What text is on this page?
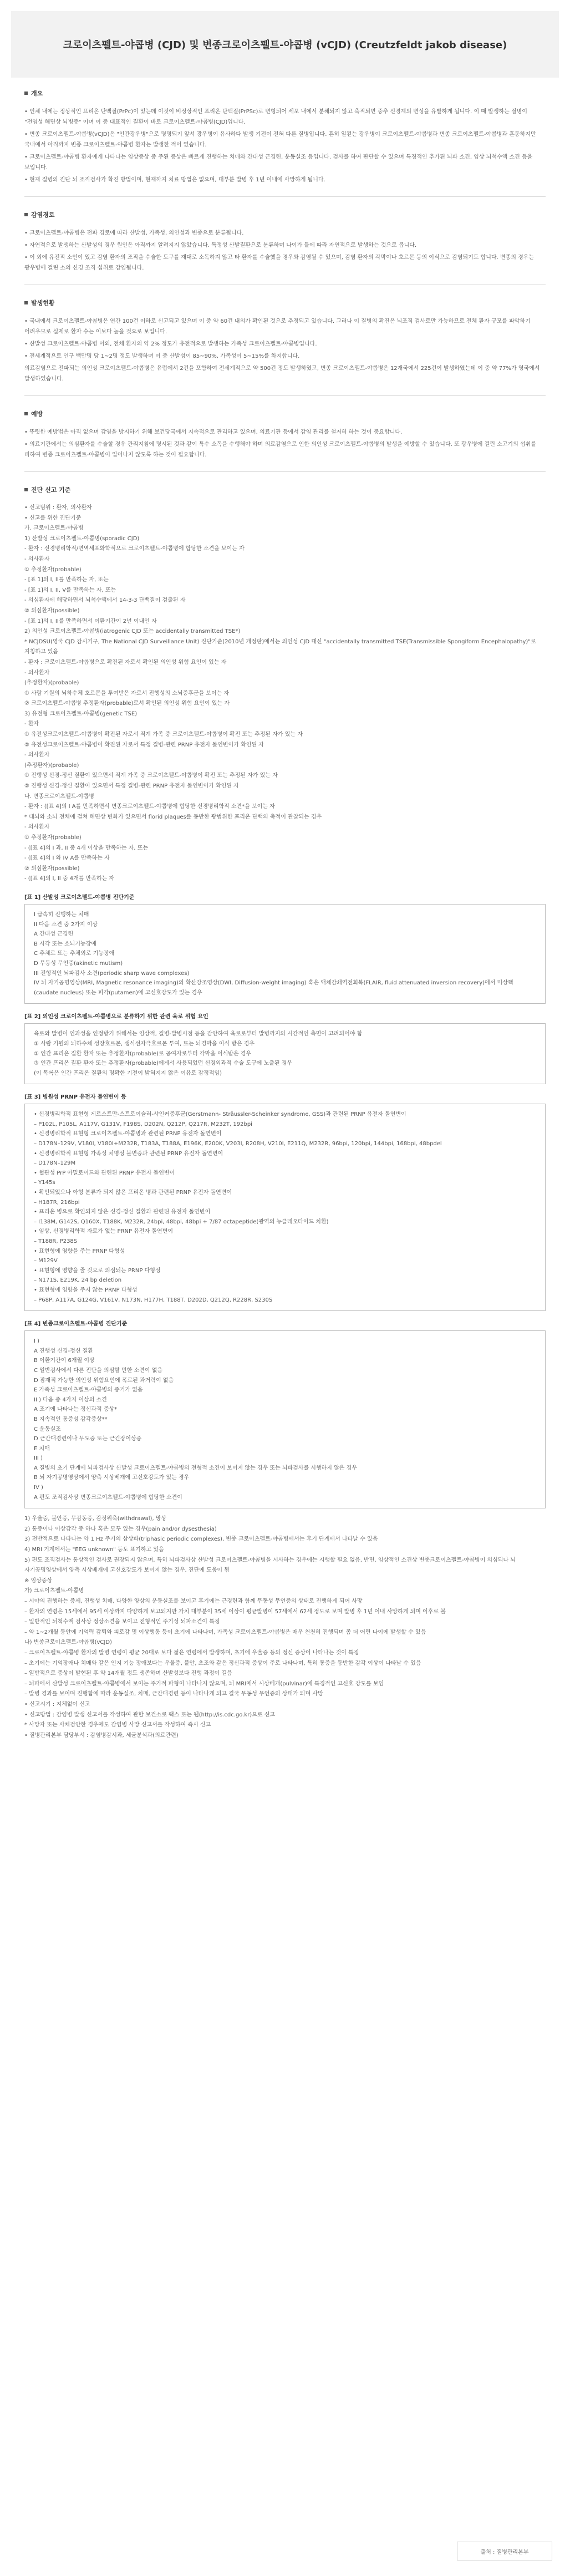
크로이츠펠트-야콥병 (CJD) 및 변종크로이츠펠트-야콥병 (vCJD) (Creutzfeldt jakob disease)
개요

• 인체 내에는 정상적인 프리온 단백질(PrPc)이 있는데 이것이 비정상적인 프리온 단백질(PrPSc)로 변형되어 세포 내에서 분해되지 않고 축적되면 중추 신경계의 변성을 유발하게 됩니다. 이 때 발생하는 질병이 "전염성 해면상 뇌병증" 이며 이 중 대표적인 질환이 바로 크로이츠펠트-야콥병(CJD)입니다.

• 변종 크로이츠펠트-야콥병(vCJD)은 "인간광우병"으로 명명되기 앞서 광우병이 유사하다 발생 기전이 전혀 다른 질병입니다. 흔히 일컫는 광우병이 크로이츠펠트-야콥병과 변종 크로이츠펠트-야콥병과 혼동하지만 국내에서 아직까지 변종 크로이츠펠트-야콥병 환자는 발생한 적이 없습니다.

• 크로이츠펠트-야콥병 환자에게 나타나는 임상증상 중 주된 증상은 빠르게 진행하는 치매와 간대성 근경련, 운동실조 등입니다. 검사를 하여 판단할 수 있으며 특징적인 추가된 뇌파 소견, 임상 뇌척수액 소견 등을 보입니다.

• 현재 질병의 진단 뇌 조직검사가 확진 방법이며, 현재까지 치료 방법은 없으며, 대부분 발병 후 1년 이내에 사망하게 됩니다.

감염경로

• 크로이츠펠트-야콥병은 전파 경로에 따라 산발성, 가족성, 의인성과 변종으로 분류됩니다.

• 자연적으로 발생하는 산발성의 경우 원인은 아직까지 알려지지 않았습니다. 특정성 산발질환으로 분류하며 나이가 들에 따라 자연적으로 발생하는 것으로 봅니다.

• 이 외에 유전적 소인이 있고 감염 환자의 조직을 수술한 도구를 재대로 소독하지 않고 타 환자를 수술했을 경우와 감염될 수 있으며, 감염 환자의 각막이나 호르몬 등의 이식으로 감염되기도 합니다. 변종의 경우는 광우병에 걸린 소의 신경 조직 섭취로 감염됩니다.

발생현황

• 국내에서 크로이츠펠트-야콥병은 연간 100건 이하로 신고되고 있으며 이 중 약 60건 내외가 확인된 것으로 추정되고 있습니다. 그러나 이 질병의 확진은 뇌조직 검사로만 가능하므로 전체 환자 규모를 파악하기 어려우므로 실제로 환자 수는 이보다 높을 것으로 보입니다.

• 산발성 크로이츠펠트-야콥병 이외, 전체 환자의 약 2% 정도가 유전적으로 발생하는 가족성 크로이츠펠트-야콥병입니다.

• 전세계적으로 인구 백만명 당 1~2명 정도 발생하며 이 중 산발성이 85~90%, 가족성이 5~15%를 차지합니다.

의료감염으로 전파되는 의인성 크로이츠펠트-야콥병은 유럽에서 2건을 포함하여 전세계적으로 약 500건 정도 발생하였고, 변종 크로이츠펠트-야콥병은 12개국에서 225건이 발생하였는데 이 중 약 77%가 영국에서 발생하였습니다.

예방

• 뚜렷한 예방법은 아직 없으며 감염을 방지하기 위해 보건당국에서 지속적으로 관리하고 있으며, 의료기관 등에서 감염 관리를 철저히 하는 것이 중요합니다.

• 의료기관에서는 의심환자를 수술할 경우 관리지침에 명시된 것과 같이 특수 소독을 수행해야 하며 의료감염으로 인한 의인성 크로이츠펠트-야콥병의 발생을 예방할 수 있습니다. 또 광우병에 걸린 소고기의 섭취를 피하여 변종 크로이츠펠트-야콥병이 일어나지 않도록 하는 것이 필요합니다.

진단 신고 기준

• 신고범위 : 환자, 의사환자

• 신고를 위한 진단기준

가. 크로이츠펠트-야콥병

1) 산발성 크로이츠펠트-야콥병(sporadic CJD)

- 환자 : 신경병리학적/면역세포화학적으로 크로이츠펠트-야콥병에 합당한 소견을 보이는 자

- 의사환자

① 추정환자(probable)

- [표 1]의 I, II를 만족하는 자, 또는

- [표 1]의 I, II, V를 만족하는 자, 또는

- 의심환자에 해당하면서 뇌척수액에서 14-3-3 단백질이 검출된 자

② 의심환자(possible)

- [표 1]의 I, II를 만족하면서 이환기간이 2년 이내인 자

2) 의인성 크로이츠펠트-야콥병(iatrogenic CJD 또는 accidentally transmitted TSE*)

* NCJDSU(영국 CJD 감시기구, The National CJD Surveillance Unit) 진단기준(2010년 개정판)에서는 의인성 CJD 대신 "accidentally transmitted TSE(Transmissible Spongiform Encephalopathy)"로 지칭하고 있음

- 환자 : 크로이츠펠트-야콥병으로 확진된 자로서 확인된 의인성 위험 요인이 있는 자

- 의사환자

(추정환자)(probable)

① 사람 기원의 뇌하수체 호르몬을 투여받은 자로서 진행성의 소뇌증후군을 보이는 자

② 크로이츠펠트-야콥병 추정환자(probable)로서 확인된 의인성 위험 요인이 있는 자

3) 유전형 크로이츠펠트-야콥병(genetic TSE)

- 환자

① 유전성크로이츠펠트-야콥병이 확진된 자로서 직계 가족 중 크로이츠펠트-야콥병이 확진 또는 추정된 자가 있는 자

② 유전성크로이츠펠트-야콥병이 확진된 자로서 특정 질병-관련 PRNP 유전자 돌연변이가 확인된 자

- 의사환자

(추정환자)(probable)

① 진행성 신경-정신 질환이 있으면서 직계 가족 중 크로이츠펠트-야콥병이 확진 또는 추정된 자가 있는 자

② 진행성 신경-정신 질환이 있으면서 특정 질병-관련 PRNP 유전자 돌연변이가 확인된 자

나. 변종크로이츠펠트-야콥병

- 환자 : ([표 4]의 I A를 만족하면서 변종크로이츠펠트-야콥병에 합당한 신경병리학적 소견*을 보이는 자

* 대뇌와 소뇌 전체에 걸쳐 해면상 변화가 있으면서 florid plaques를 동반한 광범위한 프리온 단백의 축적이 관찰되는 경우

- 의사환자

① 추정환자(probable)

- ([표 4]의 I 과, II 중 4개 이상을 만족하는 자, 또는

- ([표 4]의 I 와 IV A를 만족하는 자

② 의심환자(possible)

- ([표 4]의 I, II 중 4개를 만족하는 자

[표 1] 산발성 크로이츠펠트-야콥병 진단기준

I 급속히 진행하는 치매

II 다음 소견 중 2가지 이상

A 간대성 근경련

B 시각 또는 소뇌기능장애

C 추체로 또는 추체외로 기능장애

D 무동성 무언증(akinetic mutism)

III 전형적인 뇌파검사 소견(periodic sharp wave complexes)

IV 뇌 자기공명영상(MRI, Magnetic resonance imaging)의 확산강조영상(DWI, Diffusion-weight imaging) 혹은 액체감쇄역전회복(FLAIR, fluid attenuated inversion recovery)에서 미상핵(caudate nucleus) 또는 피각(putamen)에 고신호강도가 있는 경우

[표 2] 의인성 크로이츠펠트-야콥병으로 분류하기 위한 관련 육로 위험 요인

육로와 발병이 인과성을 인정받기 위해서는 임상적, 질병-발병시점 등을 감안하여 육로로부터 발병까지의 시간적인 측면이 고려되어야 함

① 사람 기원의 뇌하수체 성장호르몬, 생식선자극호르몬 투여, 또는 뇌경막을 이식 받은 경우

② 인간 프리온 질환 환자 또는 추정환자(probable)로 공여자로부터 각막을 이식받은 경우

③ 인간 프리온 질환 환자 또는 추정환자(probable)에게서 사용되었던 신경외과적 수술 도구에 노출된 경우

(이 목록은 인간 프리온 질환의 명확한 기전이 밝혀지지 않은 이유로 잠정적임)

[표 3] 병원성 PRNP 유전자 돌연변이 등

• 신경병리학적 표현형 게르스트만-스트로이슬러-샤인커증후군(Gerstmann- Sträussler-Scheinker syndrome, GSS)과 관련된 PRNP 유전자 돌연변이

– P102L, P105L, A117V, G131V, F198S, D202N, Q212P, Q217R, M232T, 192bpi

• 신경병리학적 표현형 크로이츠펠트-야콥병과 관련된 PRNP 유전자 돌연변이

– D178N–129V, V180I, V180I+M232R, T183A, T188A, E196K, E200K, V203I, R208H, V210I, E211Q, M232R, 96bpi, 120bpi, 144bpi, 168bpi, 48bpdel

• 신경병리학적 표현형 가족성 치명성 불면증과 관련된 PRNP 유전자 돌연변이

– D178N–129M

• 혈관성 PrP 아밀로이드와 관련된 PRNP 유전자 돌연변이

– Y145s

• 확인되었으나 아형 분류가 되지 않은 프리온 병과 관련된 PRNP 유전자 돌연변이

– H187R, 216bpi

• 프리온 병으로 확인되지 않은 신경-정신 질환과 관련된 유전자 돌연변이

– I138M, G142S, Q160X, T188K, M232R, 24bpi, 48bpi, 48bpi + 7/87 octapeptide(광역의 뉴클레오타이드 치환)

• 임상, 신경병리학적 자료가 없는 PRNP 유전자 돌연변이

– T188R, P238S

• 표현형에 영향을 주는 PRNP 다형성

– M129V

• 표현형에 영향을 줄 것으로 의심되는 PRNP 다형성

– N171S, E219K, 24 bp deletion

• 표현형에 영향을 주지 않는 PRNP 다형성

– P68P, A117A, G124G, V161V, N173N, H177H, T188T, D202D, Q212Q, R228R, S230S

[표 4] 변종크로이츠펠트-야콥병 진단기준

I )

A 진행성 신경-정신 질환

B 이환기간이 6개월 이상

C 일반검사에서 다른 진단을 의심할 만한 소견이 없음

D 잠재적 가능한 의인성 위험요인에 폭로된 과거력이 없음

E 가족성 크로이츠펠트-야콥병의 증거가 없음

II ) 다음 중 4가지 이상의 소견

A 조기에 나타나는 정신과적 증상*

B 지속적인 통증성 감각증상**

C 운동실조

D 근간대경련이나 무도증 또는 근긴장이상증

E 치매

III )

A 질병의 초기 단계에 뇌파검사상 산발성 크로이츠펠트-야콥병의 전형적 소견이 보이지 않는 경우 또는 뇌파검사를 시행하지 않은 경우

B 뇌 자기공명영상에서 양측 시상베개에 고신호강도가 있는 경우

IV )

A 편도 조직검사상 변종크로이츠펠트-야콥병에 합당한 소견이

1) 우울증, 불안증, 무감동증, 감정위축(withdrawal), 망상

2) 통증이나 이상감각 중 하나 혹은 모두 있는 경우(pain and/or dysesthesia)

3) 전반적으로 나타나는 약 1 Hz 주기의 삼상파(triphasic periodic complexes), 변종 크로이츠펠트-야콥병에서는 후기 단계에서 나타날 수 있음

4) MRI 기계에서는 "EEG unknown" 등도 표기하고 있음

5) 편도 조직검사는 통상적인 검사로 권장되지 않으며, 특히 뇌파검사상 산발성 크로이츠펠트-야콥병을 시사하는 경우에는 시행할 필요 없음, 반면, 임상적인 소견상 변종크로이츠펠트-야콥병이 의심되나 뇌 자기공명영상에서 양측 시상베개에 고신호강도가 보이지 않는 경우, 진단에 도움이 됨

※ 임상증상

가) 크로이츠펠트-야콥병

– 시야의 진행하는 증세, 진행성 치매, 다양한 양상의 운동실조를 보이고 후기에는 근경련과 함께 무동성 무언증의 상태로 진행하게 되어 사망

– 환자의 연령은 15세에서 95세 이상까지 다양하게 보고되지만 가치 대부분이 35세 이상이 평균발병이 57세에서 62세 정도로 보며 발병 후 1년 이내 사망하게 되며 이후로 볼

– 일반적인 뇌척수액 검사상 정상소견을 보이고 전형적인 주기성 뇌파소견이 특징

– 약 1~2개월 동안에 기억력 감퇴와 피로감 및 이상행동 등이 초기에 나타나며, 가족성 크로이츠펠트-야콥병은 매우 천천히 진행되며 좀 더 어린 나이에 발생할 수 있음

나) 변종크로이츠펠트-야콥병(vCJD)

– 크로이츠펠트-야콥병 환자의 발병 연령이 평균 20대로 보다 젊은 연령에서 발생하며, 초기에 우울증 등의 정신 증상이 나타나는 것이 특징

– 초기에는 기억장애나 치매와 같은 인지 기능 장애보다는 우울증, 불안, 초조와 같은 정신과적 증상이 주로 나타나며, 특히 통증을 동반한 감각 이상이 나타날 수 있음

– 일반적으로 증상이 발현된 후 약 14개월 정도 생존하며 산발성보다 진행 과정이 길음

– 뇌파에서 산발성 크로이츠펠트-야콥병에서 보이는 주기적 파형이 나타나지 않으며, 뇌 MRI에서 시상베개(pulvinar)에 특징적인 고신호 강도를 보임

– 발병 경과를 보이며 진행함에 따라 운동실조, 치매, 근간대경련 등이 나타나게 되고 결국 무동성 무언증의 상태가 되며 사망

• 신고시기 : 지체없이 신고

• 신고방법 : 감염병 발생 신고서를 작성하여 관할 보건소로 팩스 또는 웹(http://is.cdc.go.kr)으로 신고

* 사망자 또는 사체검안한 경우에도 감염병 사망 신고서를 작성하여 즉시 신고

• 질병관리본부 담당부서 : 감염병감시과, 세균분석과(의료관련)

출처 : 질병관리본부
